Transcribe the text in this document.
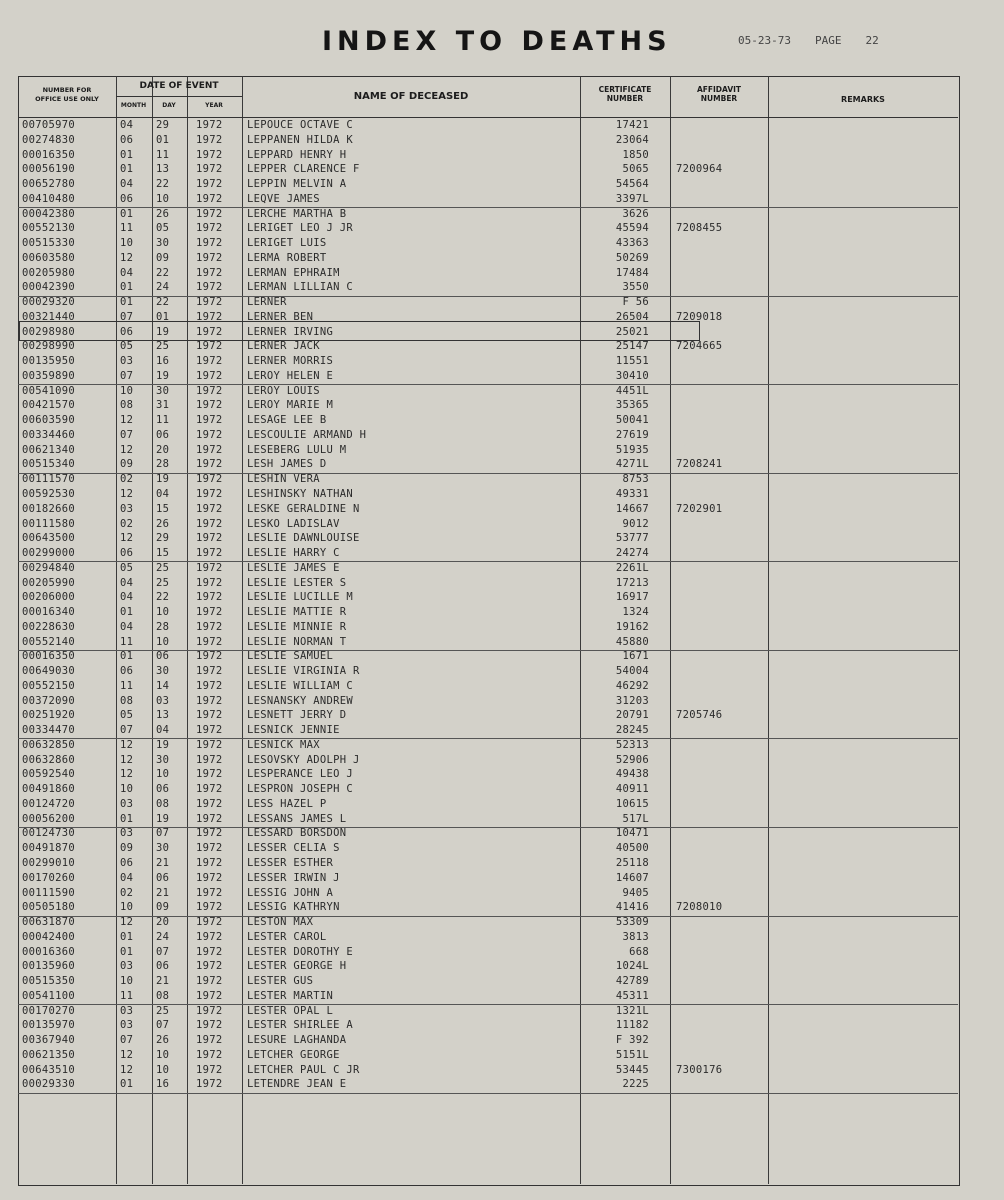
INDEX TO DEATHS	05-23-73 PAGE 22
NUMBER FOR
OFFICE USE ONLY
DATE OF EVENT
MONTH	DAY	YEAR
NAME OF DECEASED
CERTIFICATE
NUMBER
AFFIDAVIT
NUMBER	REMARKS
00705970	04	29	1972	LEPOUCE OCTAVE C	17421
00274830	06	01	1972	LEPPANEN HILDA K	23064
00016350	01	11	1972	LEPPARD HENRY H	1850
00056190	01	13	1972	LEPPER CLARENCE F	5065	7200964
00652780	04	22	1972	LEPPIN MELVIN A	54564
00410480	06	10	1972	LEQVE JAMES	3397L
00042380	01	26	1972	LERCHE MARTHA B	3626
00552130	11	05	1972	LERIGET LEO J JR	45594	7208455
00515330	10	30	1972	LERIGET LUIS	43363
00603580	12	09	1972	LERMA ROBERT	50269
00205980	04	22	1972	LERMAN EPHRAIM	17484
00042390	01	24	1972	LERMAN LILLIAN C	3550
00029320	01	22	1972	LERNER	F 56
00321440	07	01	1972	LERNER BEN	26504	7209018
00298980	06	19	1972	LERNER IRVING	25021
00298990	05	25	1972	LERNER JACK	25147	7204665
00135950	03	16	1972	LERNER MORRIS	11551
00359890	07	19	1972	LEROY HELEN E	30410
00541090	10	30	1972	LEROY LOUIS	4451L
00421570	08	31	1972	LEROY MARIE M	35365
00603590	12	11	1972	LESAGE LEE B	50041
00334460	07	06	1972	LESCOULIE ARMAND H	27619
00621340	12	20	1972	LESEBERG LULU M	51935
00515340	09	28	1972	LESH JAMES D	4271L	7208241
00111570	02	19	1972	LESHIN VERA	8753
00592530	12	04	1972	LESHINSKY NATHAN	49331
00182660	03	15	1972	LESKE GERALDINE N	14667	7202901
00111580	02	26	1972	LESKO LADISLAV	9012
00643500	12	29	1972	LESLIE DAWNLOUISE	53777
00299000	06	15	1972	LESLIE HARRY C	24274
00294840	05	25	1972	LESLIE JAMES E	2261L
00205990	04	25	1972	LESLIE LESTER S	17213
00206000	04	22	1972	LESLIE LUCILLE M	16917
00016340	01	10	1972	LESLIE MATTIE R	1324
00228630	04	28	1972	LESLIE MINNIE R	19162
00552140	11	10	1972	LESLIE NORMAN T	45880
00016350	01	06	1972	LESLIE SAMUEL	1671
00649030	06	30	1972	LESLIE VIRGINIA R	54004
00552150	11	14	1972	LESLIE WILLIAM C	46292
00372090	08	03	1972	LESNANSKY ANDREW	31203
00251920	05	13	1972	LESNETT JERRY D	20791	7205746
00334470	07	04	1972	LESNICK JENNIE	28245
00632850	12	19	1972	LESNICK MAX	52313
00632860	12	30	1972	LESOVSKY ADOLPH J	52906
00592540	12	10	1972	LESPERANCE LEO J	49438
00491860	10	06	1972	LESPRON JOSEPH C	40911
00124720	03	08	1972	LESS HAZEL P	10615
00056200	01	19	1972	LESSANS JAMES L	517L
00124730	03	07	1972	LESSARD BORSDON	10471
00491870	09	30	1972	LESSER CELIA S	40500
00299010	06	21	1972	LESSER ESTHER	25118
00170260	04	06	1972	LESSER IRWIN J	14607
00111590	02	21	1972	LESSIG JOHN A	9405
00505180	10	09	1972	LESSIG KATHRYN	41416	7208010
00631870	12	20	1972	LESTON MAX	53309
00042400	01	24	1972	LESTER CAROL	3813
00016360	01	07	1972	LESTER DOROTHY E	668
00135960	03	06	1972	LESTER GEORGE H	1024L
00515350	10	21	1972	LESTER GUS	42789
00541100	11	08	1972	LESTER MARTIN	45311
00170270	03	25	1972	LESTER OPAL L	1321L
00135970	03	07	1972	LESTER SHIRLEE A	11182
00367940	07	26	1972	LESURE LAGHANDA	F 392
00621350	12	10	1972	LETCHER GEORGE	5151L
00643510	12	10	1972	LETCHER PAUL C JR	53445	7300176
00029330	01	16	1972	LETENDRE JEAN E	2225
